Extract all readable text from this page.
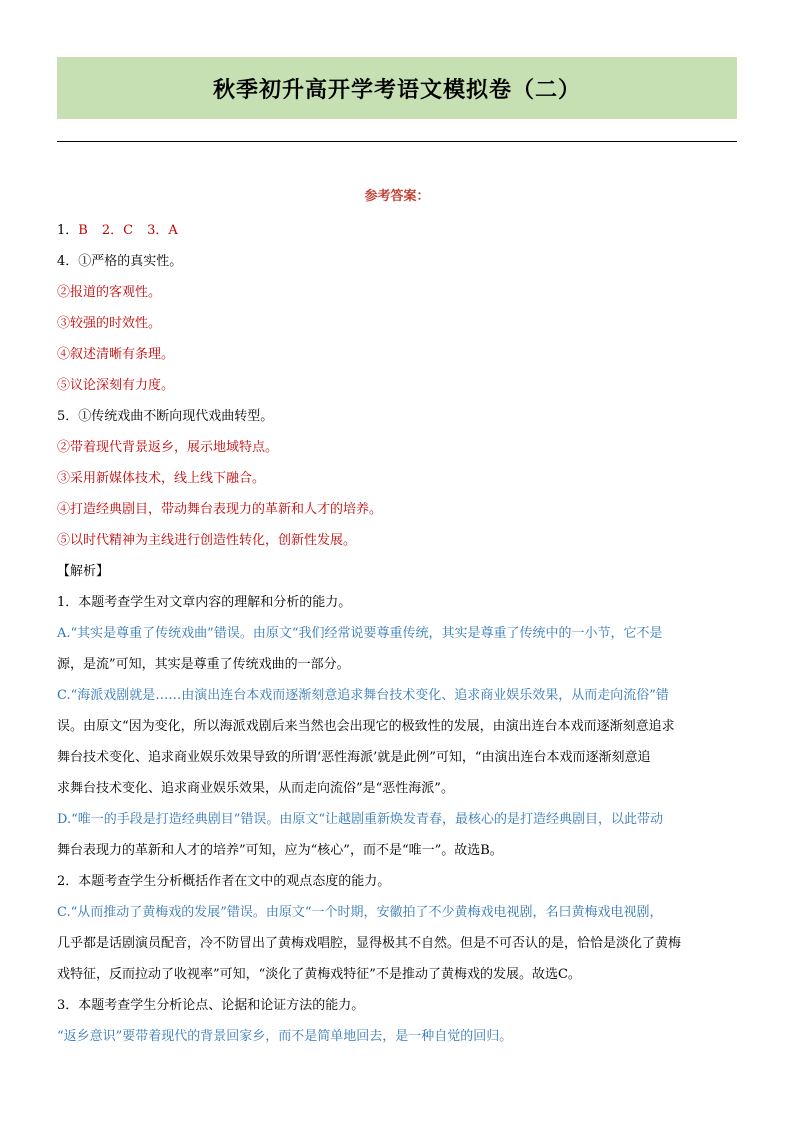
秋季初升高开学考语文模拟卷（二）
参考答案：
1．B 2．C 3．A
4．①严格的真实性。
②报道的客观性。
③较强的时效性。
④叙述清晰有条理。
⑤议论深刻有力度。
5．①传统戏曲不断向现代戏曲转型。
②带着现代背景返乡，展示地域特点。
③采用新媒体技术，线上线下融合。
④打造经典剧目，带动舞台表现力的革新和人才的培养。
⑤以时代精神为主线进行创造性转化，创新性发展。
【解析】
1．本题考查学生对文章内容的理解和分析的能力。
A.“其实是尊重了传统戏曲”错误。由原文“我们经常说要尊重传统，其实是尊重了传统中的一小节，它不是
源，是流”可知，其实是尊重了传统戏曲的一部分。
C.“海派戏剧就是……由演出连台本戏而逐渐刻意追求舞台技术变化、追求商业娱乐效果，从而走向流俗”错
误。由原文“因为变化，所以海派戏剧后来当然也会出现它的极致性的发展，由演出连台本戏而逐渐刻意追求
舞台技术变化、追求商业娱乐效果导致的所谓‘恶性海派’就是此例”可知，“由演出连台本戏而逐渐刻意追
求舞台技术变化、追求商业娱乐效果，从而走向流俗”是“恶性海派”。
D.“唯一的手段是打造经典剧目”错误。由原文“让越剧重新焕发青春，最核心的是打造经典剧目，以此带动
舞台表现力的革新和人才的培养”可知，应为“核心”，而不是“唯一”。故选B。
2．本题考查学生分析概括作者在文中的观点态度的能力。
C.“从而推动了黄梅戏的发展”错误。由原文“一个时期，安徽拍了不少黄梅戏电视剧，名曰黄梅戏电视剧，
几乎都是话剧演员配音，冷不防冒出了黄梅戏唱腔，显得极其不自然。但是不可否认的是，恰恰是淡化了黄梅
戏特征，反而拉动了收视率”可知，“淡化了黄梅戏特征”不是推动了黄梅戏的发展。故选C。
3．本题考查学生分析论点、论据和论证方法的能力。
“返乡意识”要带着现代的背景回家乡，而不是简单地回去，是一种自觉的回归。
